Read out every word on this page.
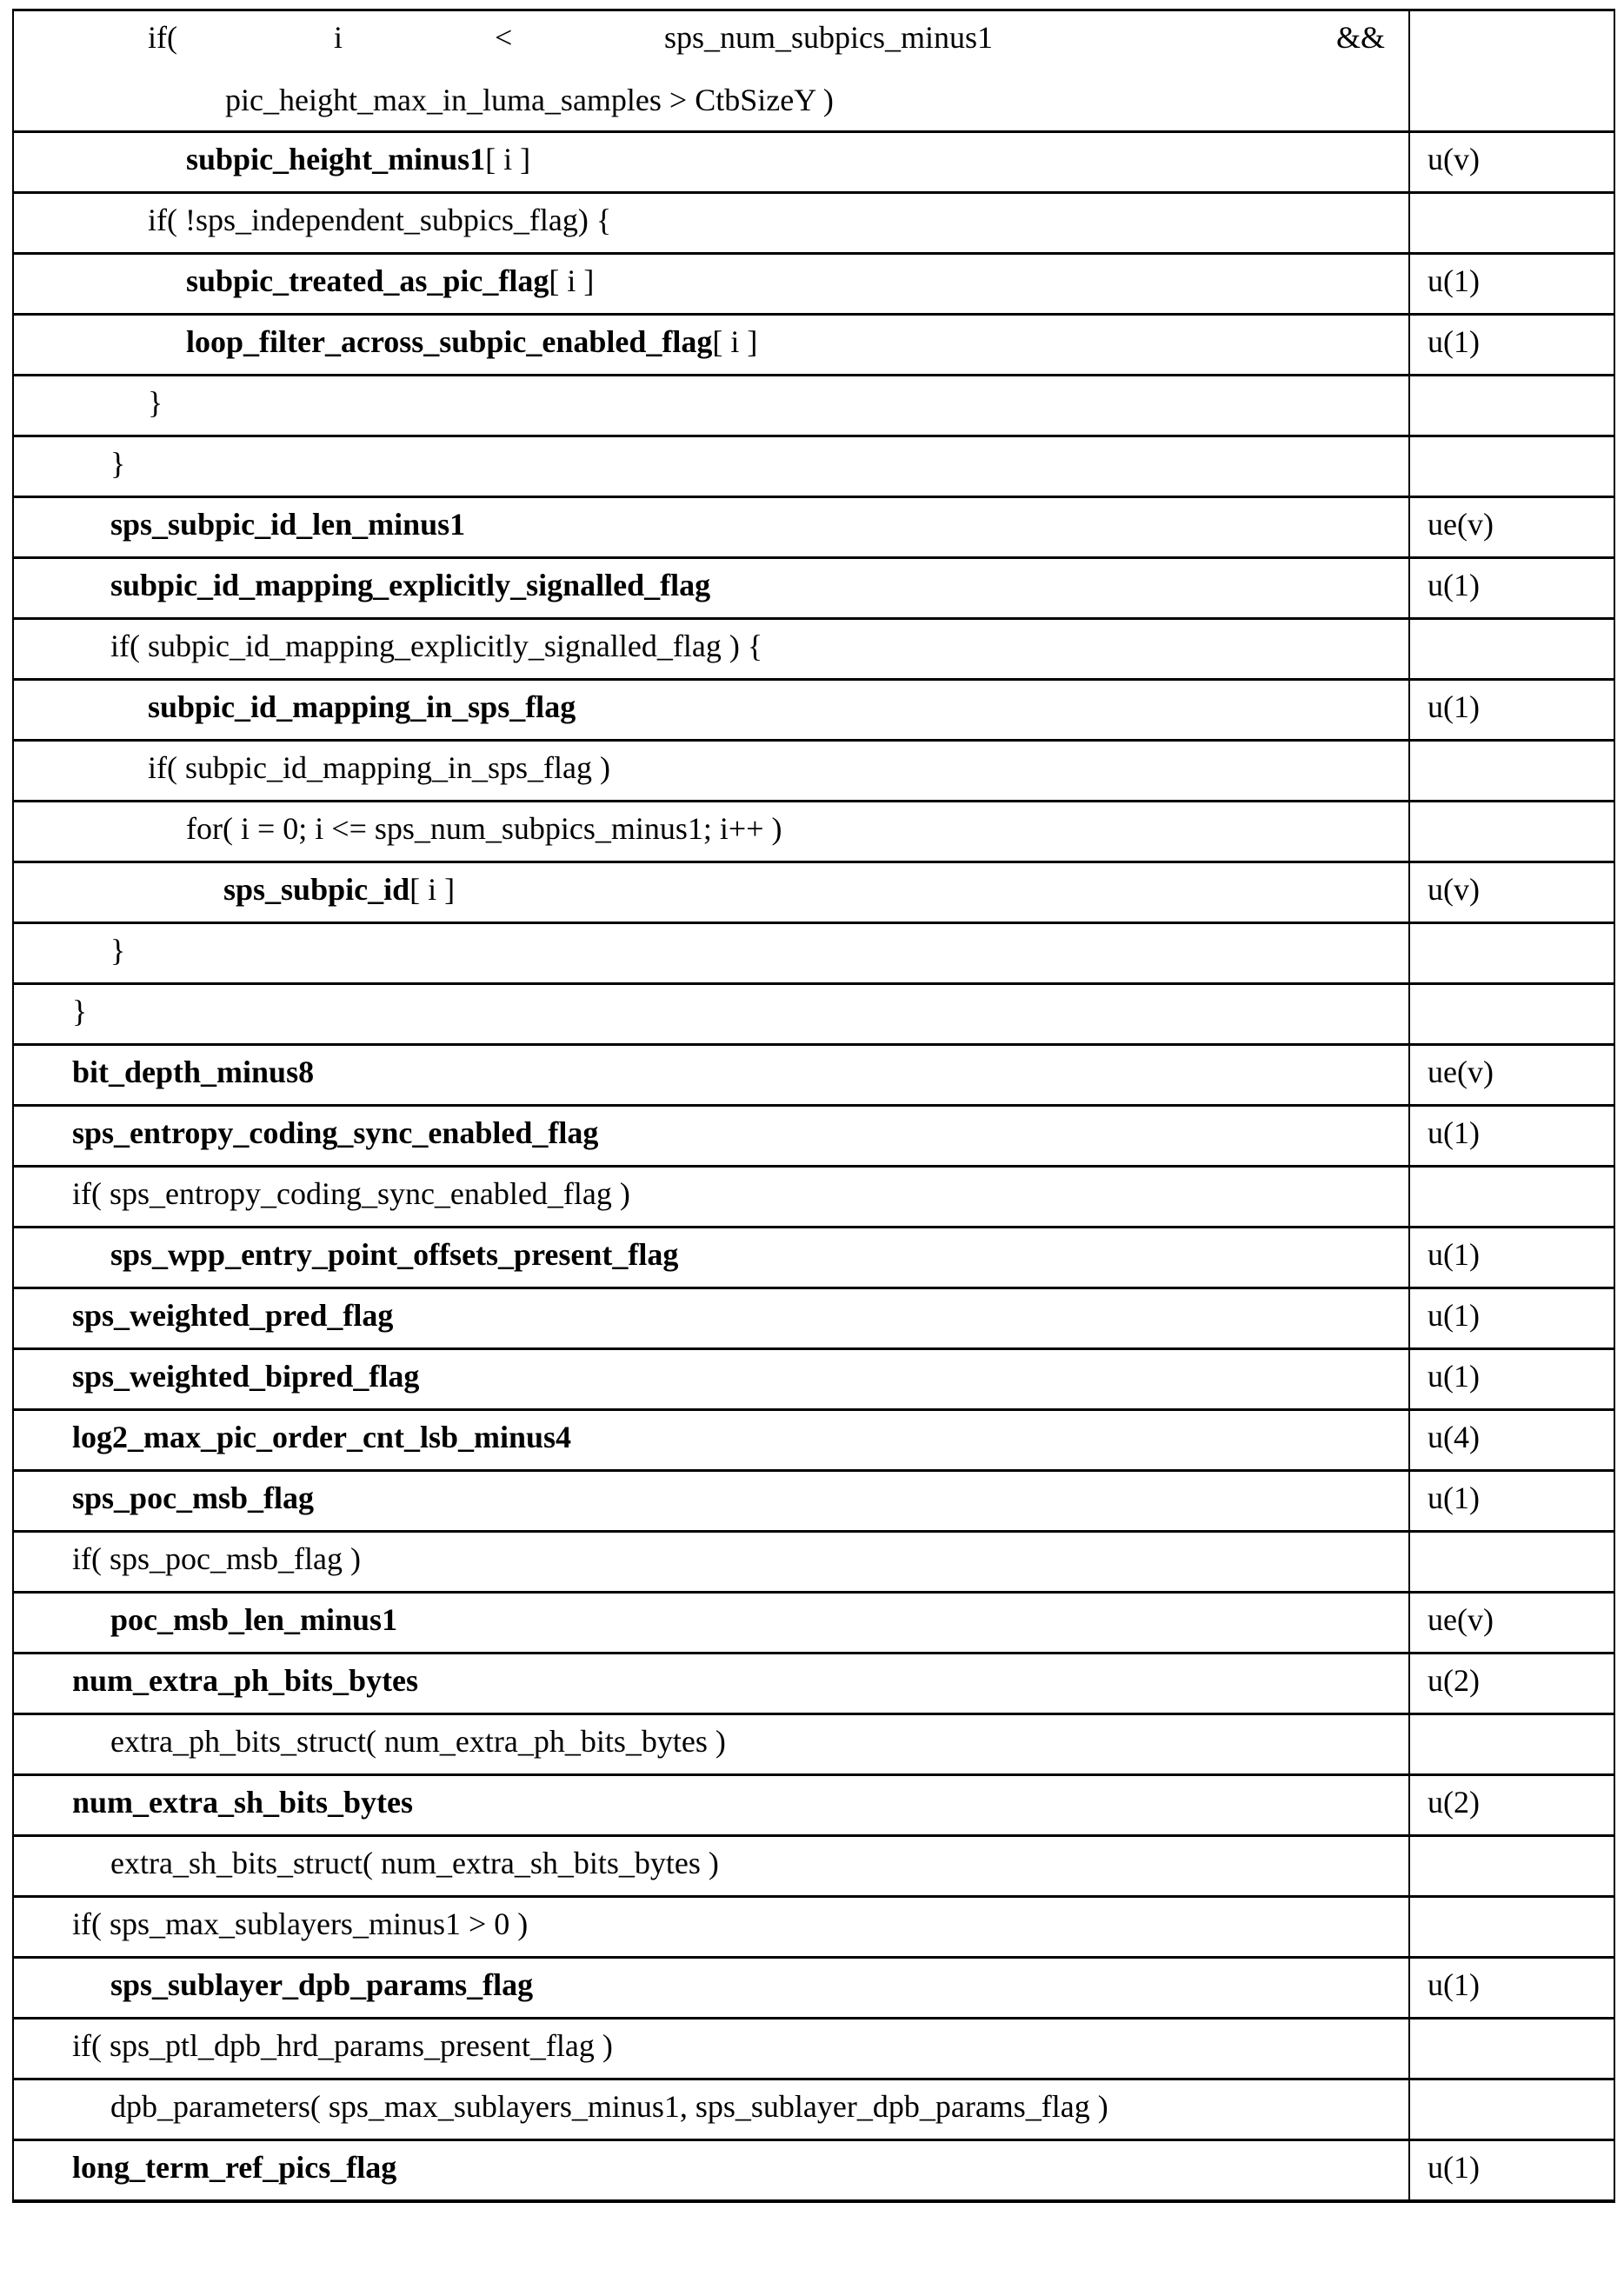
if(	i	<	sps_num_subpics_minus1	&&
pic_height_max_in_luma_samples > CtbSizeY )

subpic_height_minus1[ i ]	u(v)

if( !sps_independent_subpics_flag) {	

subpic_treated_as_pic_flag[ i ]	u(1)

loop_filter_across_subpic_enabled_flag[ i ]	u(1)

}	

}	

sps_subpic_id_len_minus1	ue(v)

subpic_id_mapping_explicitly_signalled_flag	u(1)

if( subpic_id_mapping_explicitly_signalled_flag ) {	

subpic_id_mapping_in_sps_flag	u(1)

if( subpic_id_mapping_in_sps_flag )	

for( i = 0; i <= sps_num_subpics_minus1; i++ )	

sps_subpic_id[ i ]	u(v)

}	

}	

bit_depth_minus8	ue(v)

sps_entropy_coding_sync_enabled_flag	u(1)

if( sps_entropy_coding_sync_enabled_flag )	

sps_wpp_entry_point_offsets_present_flag	u(1)

sps_weighted_pred_flag	u(1)

sps_weighted_bipred_flag	u(1)

log2_max_pic_order_cnt_lsb_minus4	u(4)

sps_poc_msb_flag	u(1)

if( sps_poc_msb_flag )	

poc_msb_len_minus1	ue(v)

num_extra_ph_bits_bytes	u(2)

extra_ph_bits_struct( num_extra_ph_bits_bytes )	

num_extra_sh_bits_bytes	u(2)

extra_sh_bits_struct( num_extra_sh_bits_bytes )	

if( sps_max_sublayers_minus1 > 0 )	

sps_sublayer_dpb_params_flag	u(1)

if( sps_ptl_dpb_hrd_params_present_flag )	

dpb_parameters( sps_max_sublayers_minus1, sps_sublayer_dpb_params_flag )	

long_term_ref_pics_flag	u(1)
